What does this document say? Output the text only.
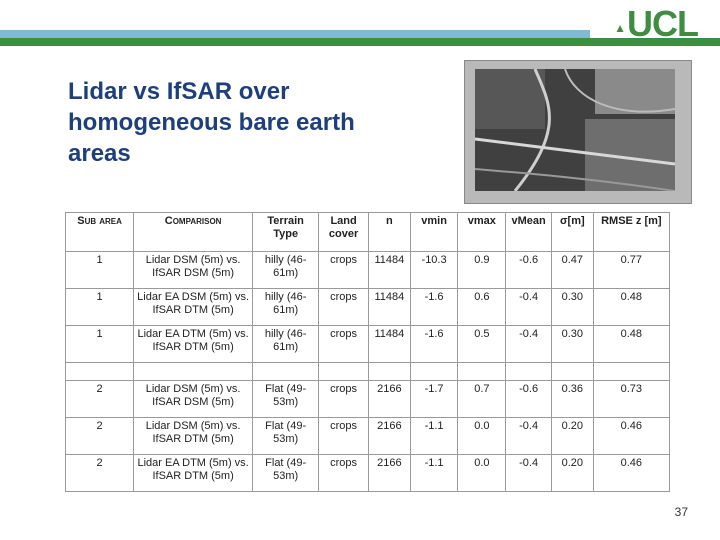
▲UCL
Lidar vs IfSAR over homogeneous bare earth areas
Sub area	Comparison	Terrain Type	Land cover	n	vmin	vmax	vMean	σ[m]	RMSE z [m]
1	Lidar DSM (5m) vs. IfSAR DSM (5m)	hilly (46-61m)	crops	11484	-10.3	0.9	-0.6	0.47	0.77
1	Lidar EA DSM (5m) vs. IfSAR DTM (5m)	hilly (46-61m)	crops	11484	-1.6	0.6	-0.4	0.30	0.48
1	Lidar EA DTM (5m) vs. IfSAR DTM (5m)	hilly (46-61m)	crops	11484	-1.6	0.5	-0.4	0.30	0.48

2	Lidar DSM (5m) vs. IfSAR DSM (5m)	Flat (49-53m)	crops	2166	-1.7	0.7	-0.6	0.36	0.73
2	Lidar DSM (5m) vs. IfSAR DTM (5m)	Flat (49-53m)	crops	2166	-1.1	0.0	-0.4	0.20	0.46
2	Lidar EA DTM (5m) vs. IfSAR DTM (5m)	Flat (49-53m)	crops	2166	-1.1	0.0	-0.4	0.20	0.46
37
